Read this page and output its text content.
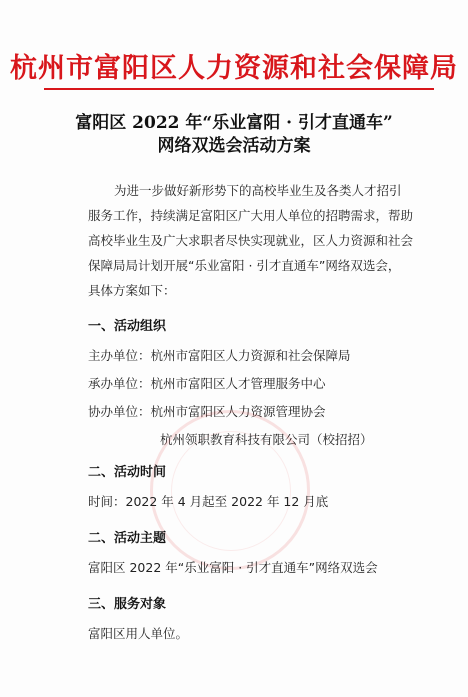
杭州市富阳区人力资源和社会保障局
富阳区 2022 年“乐业富阳 · 引才直通车”
网络双选会活动方案
为进一步做好新形势下的高校毕业生及各类人才招引
服务工作，持续满足富阳区广大用人单位的招聘需求，帮助
高校毕业生及广大求职者尽快实现就业，区人力资源和社会
保障局局计划开展“乐业富阳 · 引才直通车”网络双选会，
具体方案如下：
一、活动组织
主办单位：杭州市富阳区人力资源和社会保障局
承办单位：杭州市富阳区人才管理服务中心
协办单位：杭州市富阳区人力资源管理协会
杭州领职教育科技有限公司（校招招）
二、活动时间
时间：2022 年 4 月起至 2022 年 12 月底
二、活动主题
富阳区 2022 年“乐业富阳 · 引才直通车”网络双选会
三、服务对象
富阳区用人单位。
